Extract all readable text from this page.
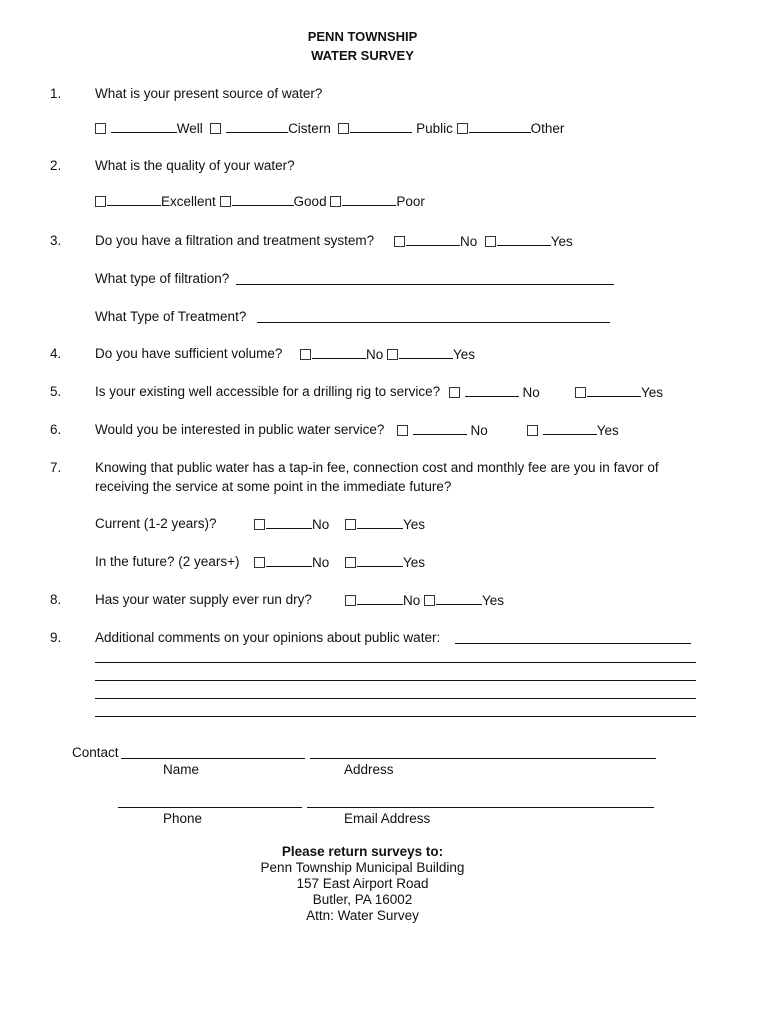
PENN TOWNSHIP
WATER SURVEY
1. What is your present source of water?
Well	Cistern	Public	Other
2. What is the quality of your water?
Excellent	Good	Poor
3. Do you have a filtration and treatment system?	No	Yes
What type of filtration?
What Type of Treatment?
4. Do you have sufficient volume?	No	Yes
5. Is your existing well accessible for a drilling rig to service?	No	Yes
6. Would you be interested in public water service?	No	Yes
7. Knowing that public water has a tap-in fee, connection cost and monthly fee are you in favor of
receiving the service at some point in the immediate future?
Current (1-2 years)?	No	Yes
In the future? (2 years+)	No	Yes
8. Has your water supply ever run dry?	No	Yes
9. Additional comments on your opinions about public water:
Contact
Name	Address
Phone	Email Address
Please return surveys to:
Penn Township Municipal Building
157 East Airport Road
Butler, PA 16002
Attn: Water Survey
